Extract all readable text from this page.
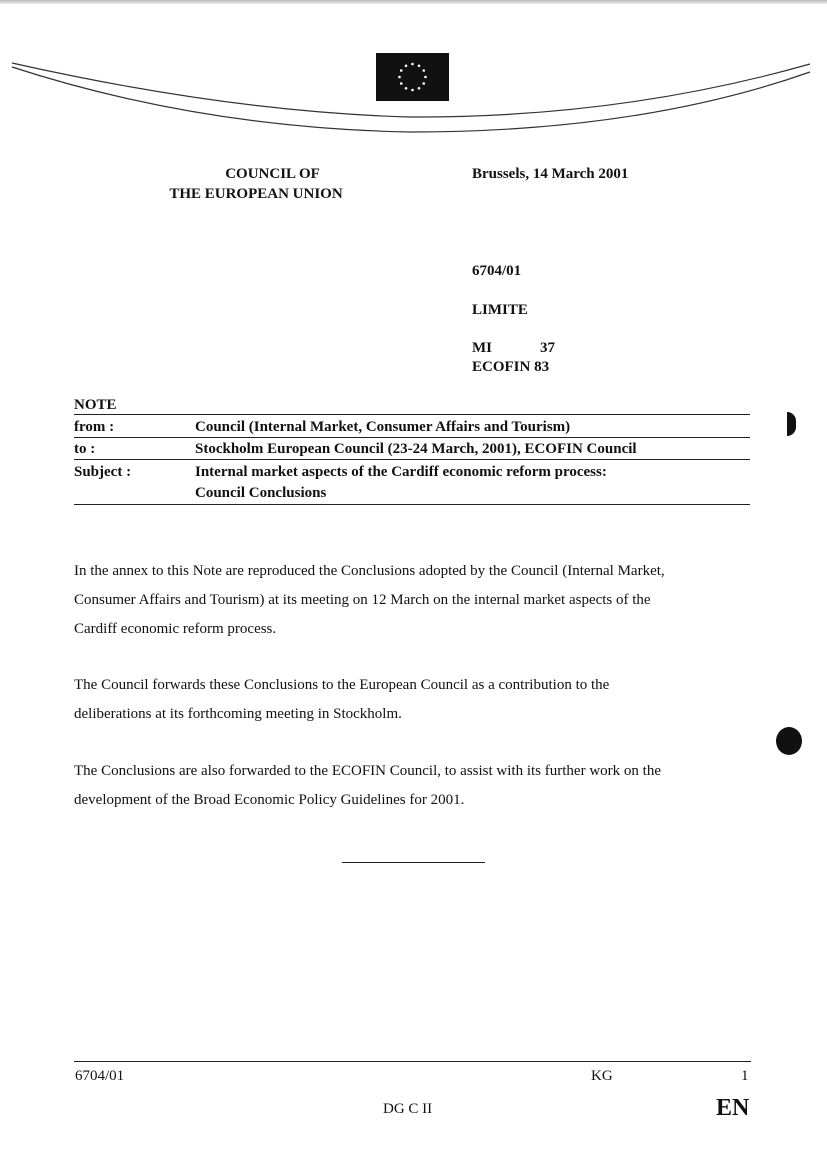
COUNCIL OF
THE EUROPEAN UNION
Brussels, 14 March 2001
6704/01
LIMITE
MI	37
ECOFIN 83
NOTE
from :	Council (Internal Market, Consumer Affairs and Tourism)
to :	Stockholm European Council (23-24 March, 2001), ECOFIN Council
Subject :	Internal market aspects of the Cardiff economic reform process:
Council Conclusions
In the annex to this Note are reproduced the Conclusions adopted by the Council (Internal Market,
Consumer Affairs and Tourism) at its meeting on 12 March on the internal market aspects of the
Cardiff economic reform process.
The Council forwards these Conclusions to the European Council as a contribution to the
deliberations at its forthcoming meeting in Stockholm.
The Conclusions are also forwarded to the ECOFIN Council, to assist with its further work on the
development of the Broad Economic Policy Guidelines for 2001.
6704/01	KG	1
DG C II	EN
